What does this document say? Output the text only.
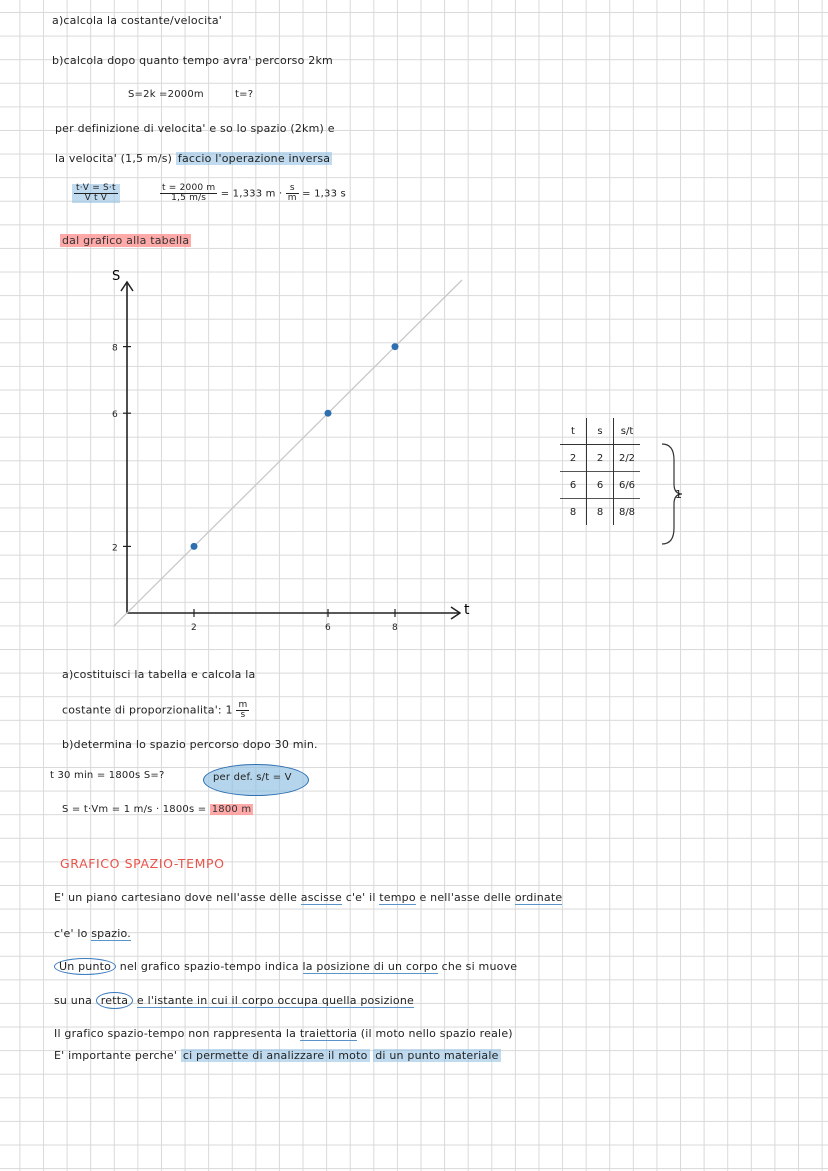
a)calcola la costante/velocita'
b)calcola dopo quanto tempo avra' percorso 2km
S=2k =2000m	t=?
per definizione di velocita' e so lo spazio (2km) e
la velocita' (1,5 m/s) faccio l'operazione inversa
$\frac{t\cdot V = S\cdot t}{\text{V t V}}$	$\frac{t = 2000 m}{1,5 m/s} = 1,333$ $m \cdot \frac{s}{m} = 1,33$ s
dal grafico alla tabella
2
6
8
2	6	8
S
t
t	s	s/t
2	2	2/2
6	6	6/6
8	8	8/8
1
a)costituisci la tabella e calcola la
costante di proporzionalita': $1 \frac{m}{s}$
b)determina lo spazio percorso dopo 30 min.
t 30 min = 1800s S=?	per def. s/t = V
S = t·Vm = 1 m/s · 1800s = 1800 m
GRAFICO SPAZIO-TEMPO
E' un piano cartesiano dove nell'asse delle ascisse c'e' il tempo e nell'asse delle ordinate
c'e' lo spazio.
Un punto nel grafico spazio-tempo indica la posizione di un corpo che si muove
su una retta e l'istante in cui il corpo occupa quella posizione
Il grafico spazio-tempo non rappresenta la traiettoria (il moto nello spazio reale)
E' importante perche' ci permette di analizzare il moto di un punto materiale
